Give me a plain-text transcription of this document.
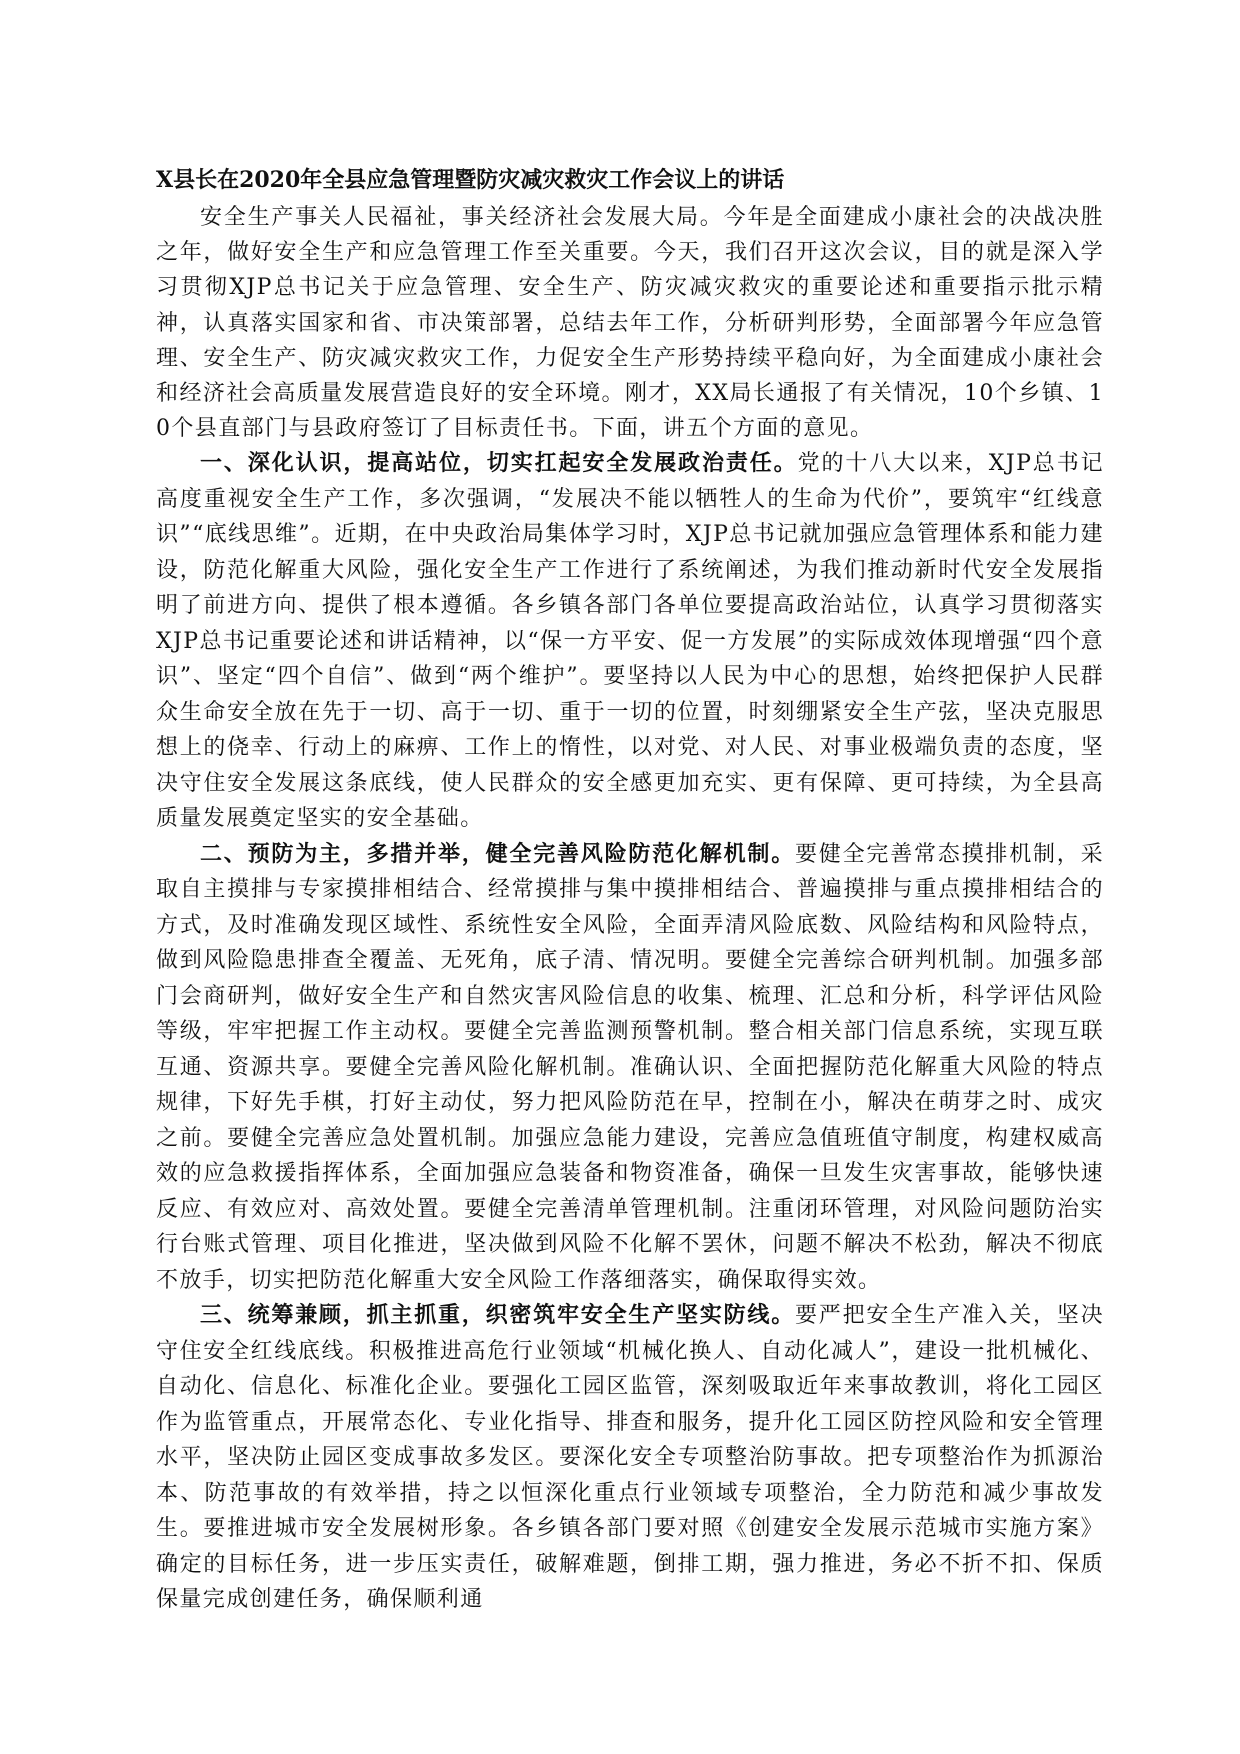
X县长在2020年全县应急管理暨防灾减灾救灾工作会议上的讲话

安全生产事关人民福祉，事关经济社会发展大局。今年是全面建成小康社会的决战决胜之年，做好安全生产和应急管理工作至关重要。今天，我们召开这次会议，目的就是深入学习贯彻XJP总书记关于应急管理、安全生产、防灾减灾救灾的重要论述和重要指示批示精神，认真落实国家和省、市决策部署，总结去年工作，分析研判形势，全面部署今年应急管理、安全生产、防灾减灾救灾工作，力促安全生产形势持续平稳向好，为全面建成小康社会和经济社会高质量发展营造良好的安全环境。刚才，XX局长通报了有关情况，10个乡镇、10个县直部门与县政府签订了目标责任书。下面，讲五个方面的意见。

一、深化认识，提高站位，切实扛起安全发展政治责任。党的十八大以来，XJP总书记高度重视安全生产工作，多次强调，“发展决不能以牺牲人的生命为代价”，要筑牢“红线意识”“底线思维”。近期，在中央政治局集体学习时，XJP总书记就加强应急管理体系和能力建设，防范化解重大风险，强化安全生产工作进行了系统阐述，为我们推动新时代安全发展指明了前进方向、提供了根本遵循。各乡镇各部门各单位要提高政治站位，认真学习贯彻落实XJP总书记重要论述和讲话精神，以“保一方平安、促一方发展”的实际成效体现增强“四个意识”、坚定“四个自信”、做到“两个维护”。要坚持以人民为中心的思想，始终把保护人民群众生命安全放在先于一切、高于一切、重于一切的位置，时刻绷紧安全生产弦，坚决克服思想上的侥幸、行动上的麻痹、工作上的惰性，以对党、对人民、对事业极端负责的态度，坚决守住安全发展这条底线，使人民群众的安全感更加充实、更有保障、更可持续，为全县高质量发展奠定坚实的安全基础。

二、预防为主，多措并举，健全完善风险防范化解机制。要健全完善常态摸排机制，采取自主摸排与专家摸排相结合、经常摸排与集中摸排相结合、普遍摸排与重点摸排相结合的方式，及时准确发现区域性、系统性安全风险，全面弄清风险底数、风险结构和风险特点，做到风险隐患排查全覆盖、无死角，底子清、情况明。要健全完善综合研判机制。加强多部门会商研判，做好安全生产和自然灾害风险信息的收集、梳理、汇总和分析，科学评估风险等级，牢牢把握工作主动权。要健全完善监测预警机制。整合相关部门信息系统，实现互联互通、资源共享。要健全完善风险化解机制。准确认识、全面把握防范化解重大风险的特点规律，下好先手棋，打好主动仗，努力把风险防范在早，控制在小，解决在萌芽之时、成灾之前。要健全完善应急处置机制。加强应急能力建设，完善应急值班值守制度，构建权威高效的应急救援指挥体系，全面加强应急装备和物资准备，确保一旦发生灾害事故，能够快速反应、有效应对、高效处置。要健全完善清单管理机制。注重闭环管理，对风险问题防治实行台账式管理、项目化推进，坚决做到风险不化解不罢休，问题不解决不松劲，解决不彻底不放手，切实把防范化解重大安全风险工作落细落实，确保取得实效。

三、统筹兼顾，抓主抓重，织密筑牢安全生产坚实防线。要严把安全生产准入关，坚决守住安全红线底线。积极推进高危行业领域“机械化换人、自动化减人”，建设一批机械化、自动化、信息化、标准化企业。要强化工园区监管，深刻吸取近年来事故教训，将化工园区作为监管重点，开展常态化、专业化指导、排查和服务，提升化工园区防控风险和安全管理水平，坚决防止园区变成事故多发区。要深化安全专项整治防事故。把专项整治作为抓源治本、防范事故的有效举措，持之以恒深化重点行业领域专项整治，全力防范和减少事故发生。要推进城市安全发展树形象。各乡镇各部门要对照《创建安全发展示范城市实施方案》确定的目标任务，进一步压实责任，破解难题，倒排工期，强力推进，务必不折不扣、保质保量完成创建任务，确保顺利通
